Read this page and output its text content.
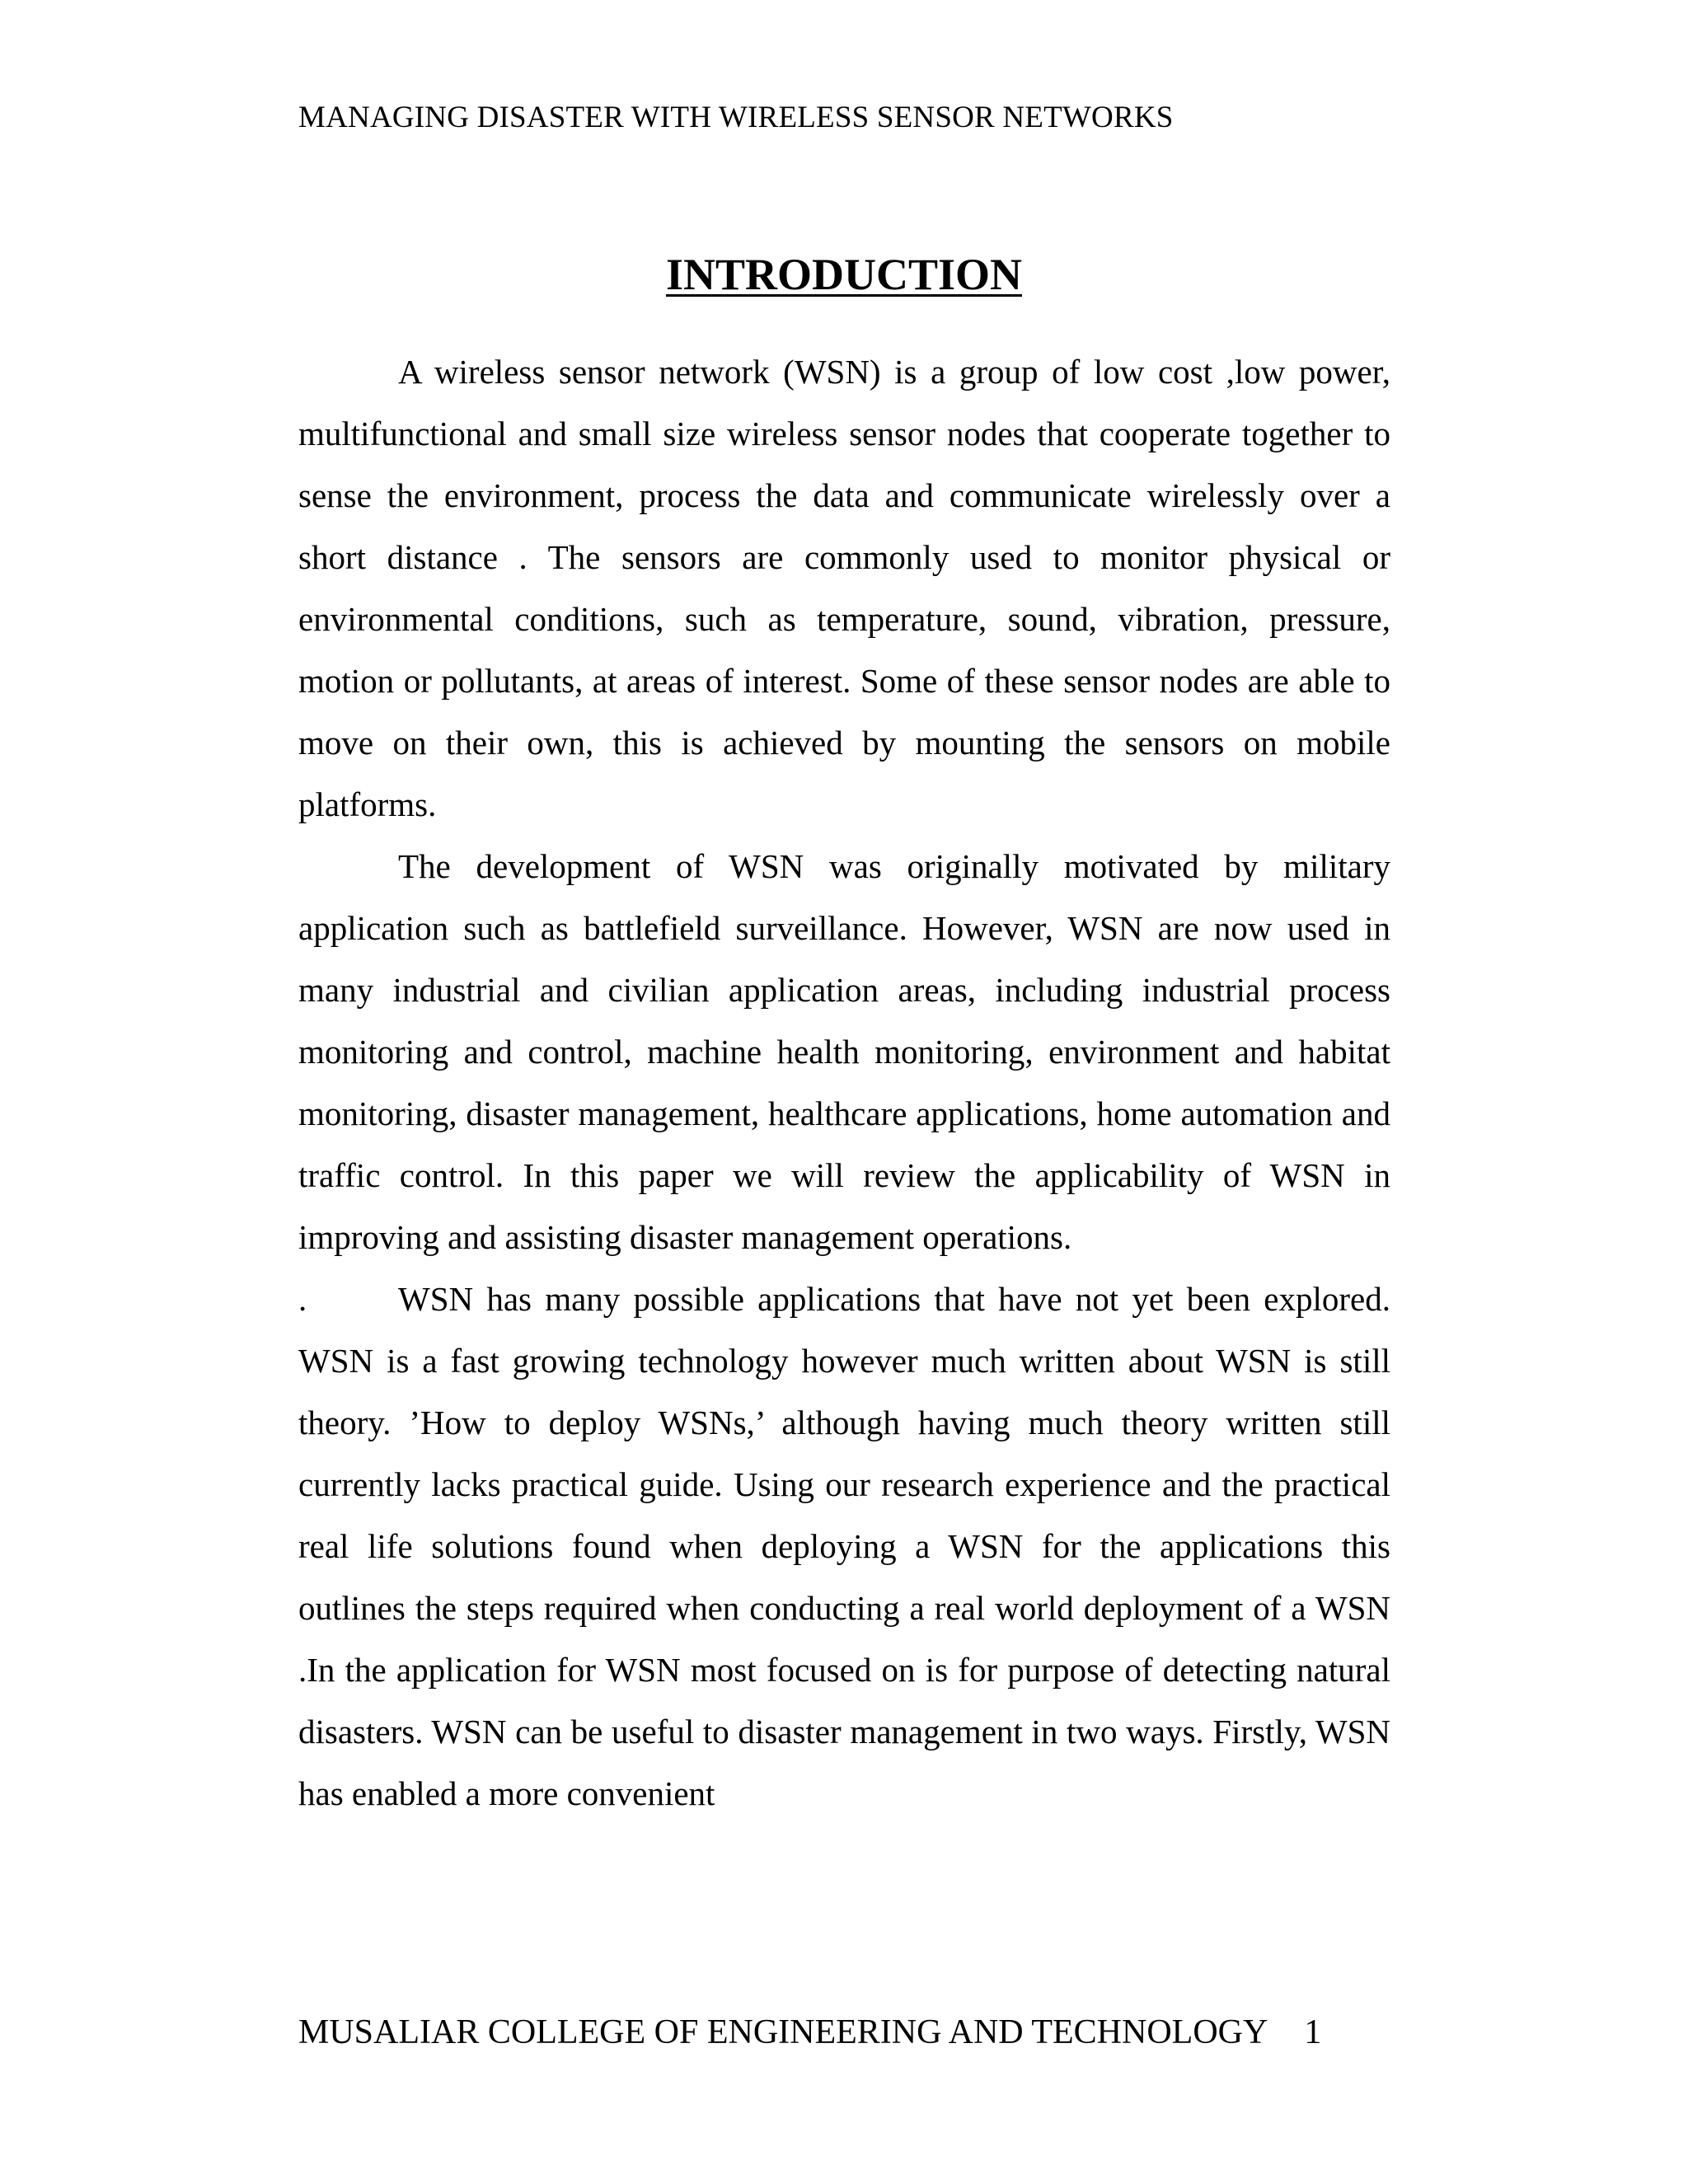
MANAGING DISASTER WITH WIRELESS SENSOR NETWORKS
INTRODUCTION

A wireless sensor network (WSN) is a group of low cost ,low power, multifunctional and small size wireless sensor nodes that cooperate together to sense the environment, process the data and communicate wirelessly over a short distance . The sensors are commonly used to monitor physical or environmental conditions, such as temperature, sound, vibration, pressure, motion or pollutants, at areas of interest. Some of these sensor nodes are able to move on their own, this is achieved by mounting the sensors on mobile platforms.

The development of WSN was originally motivated by military application such as battlefield surveillance. However, WSN are now used in many industrial and civilian application areas, including industrial process monitoring and control, machine health monitoring, environment and habitat monitoring, disaster management, healthcare applications, home automation and traffic control. In this paper we will review the applicability of WSN in improving and assisting disaster management operations.

.	WSN has many possible applications that have not yet been explored. WSN is a fast growing technology however much written about WSN is still theory. ’How to deploy WSNs,’ although having much theory written still currently lacks practical guide. Using our research experience and the practical real life solutions found when deploying a WSN for the applications this outlines the steps required when conducting a real world deployment of a WSN .In the application for WSN most focused on is for purpose of detecting natural disasters. WSN can be useful to disaster management in two ways. Firstly, WSN has enabled a more convenient

MUSALIAR COLLEGE OF ENGINEERING AND TECHNOLOGY 1
